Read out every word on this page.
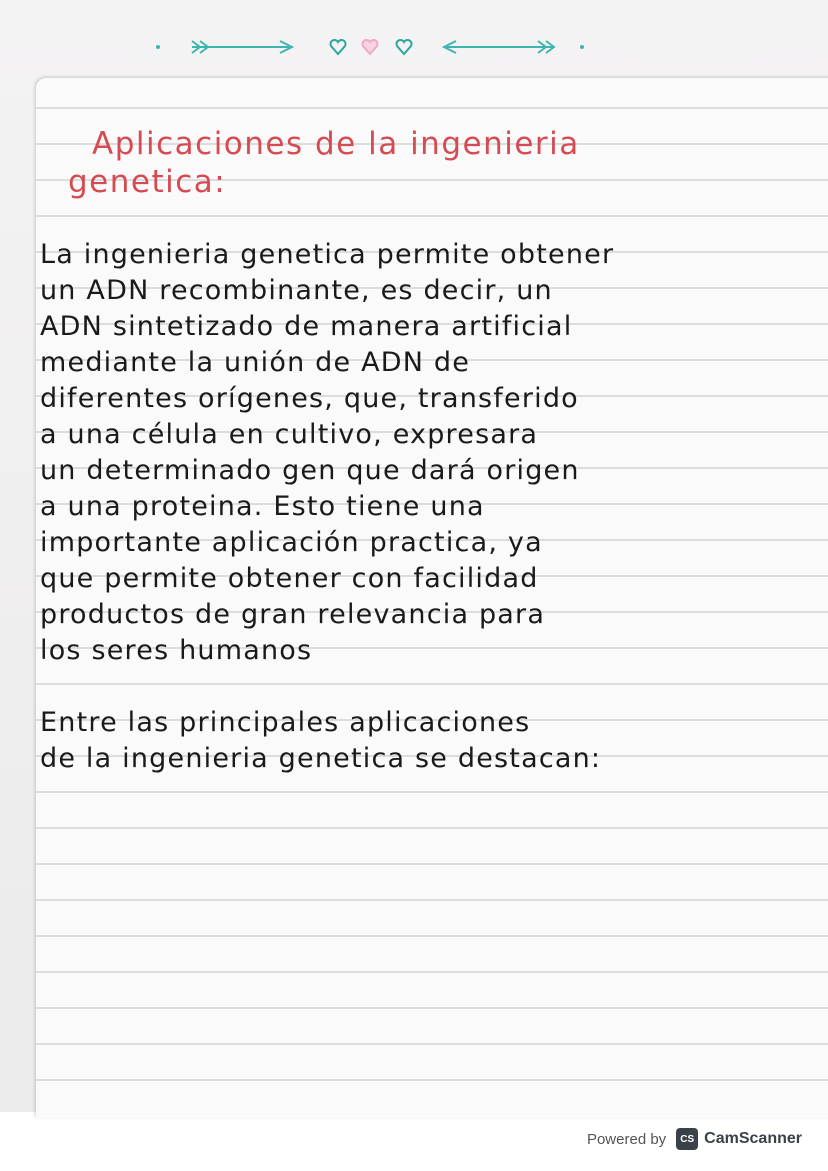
Aplicaciones de la ingenieria
genetica:

La ingenieria genetica permite obtener

un ADN recombinante, es decir, un

ADN sintetizado de manera artificial

mediante la unión de ADN de

diferentes orígenes, que, transferido

a una célula en cultivo, expresara

un determinado gen que dará origen

a una proteina. Esto tiene una

importante aplicación practica, ya

que permite obtener con facilidad

productos de gran relevancia para

los seres humanos

Entre las principales aplicaciones

de la ingenieria genetica se destacan:

Powered by	CS CamScanner
